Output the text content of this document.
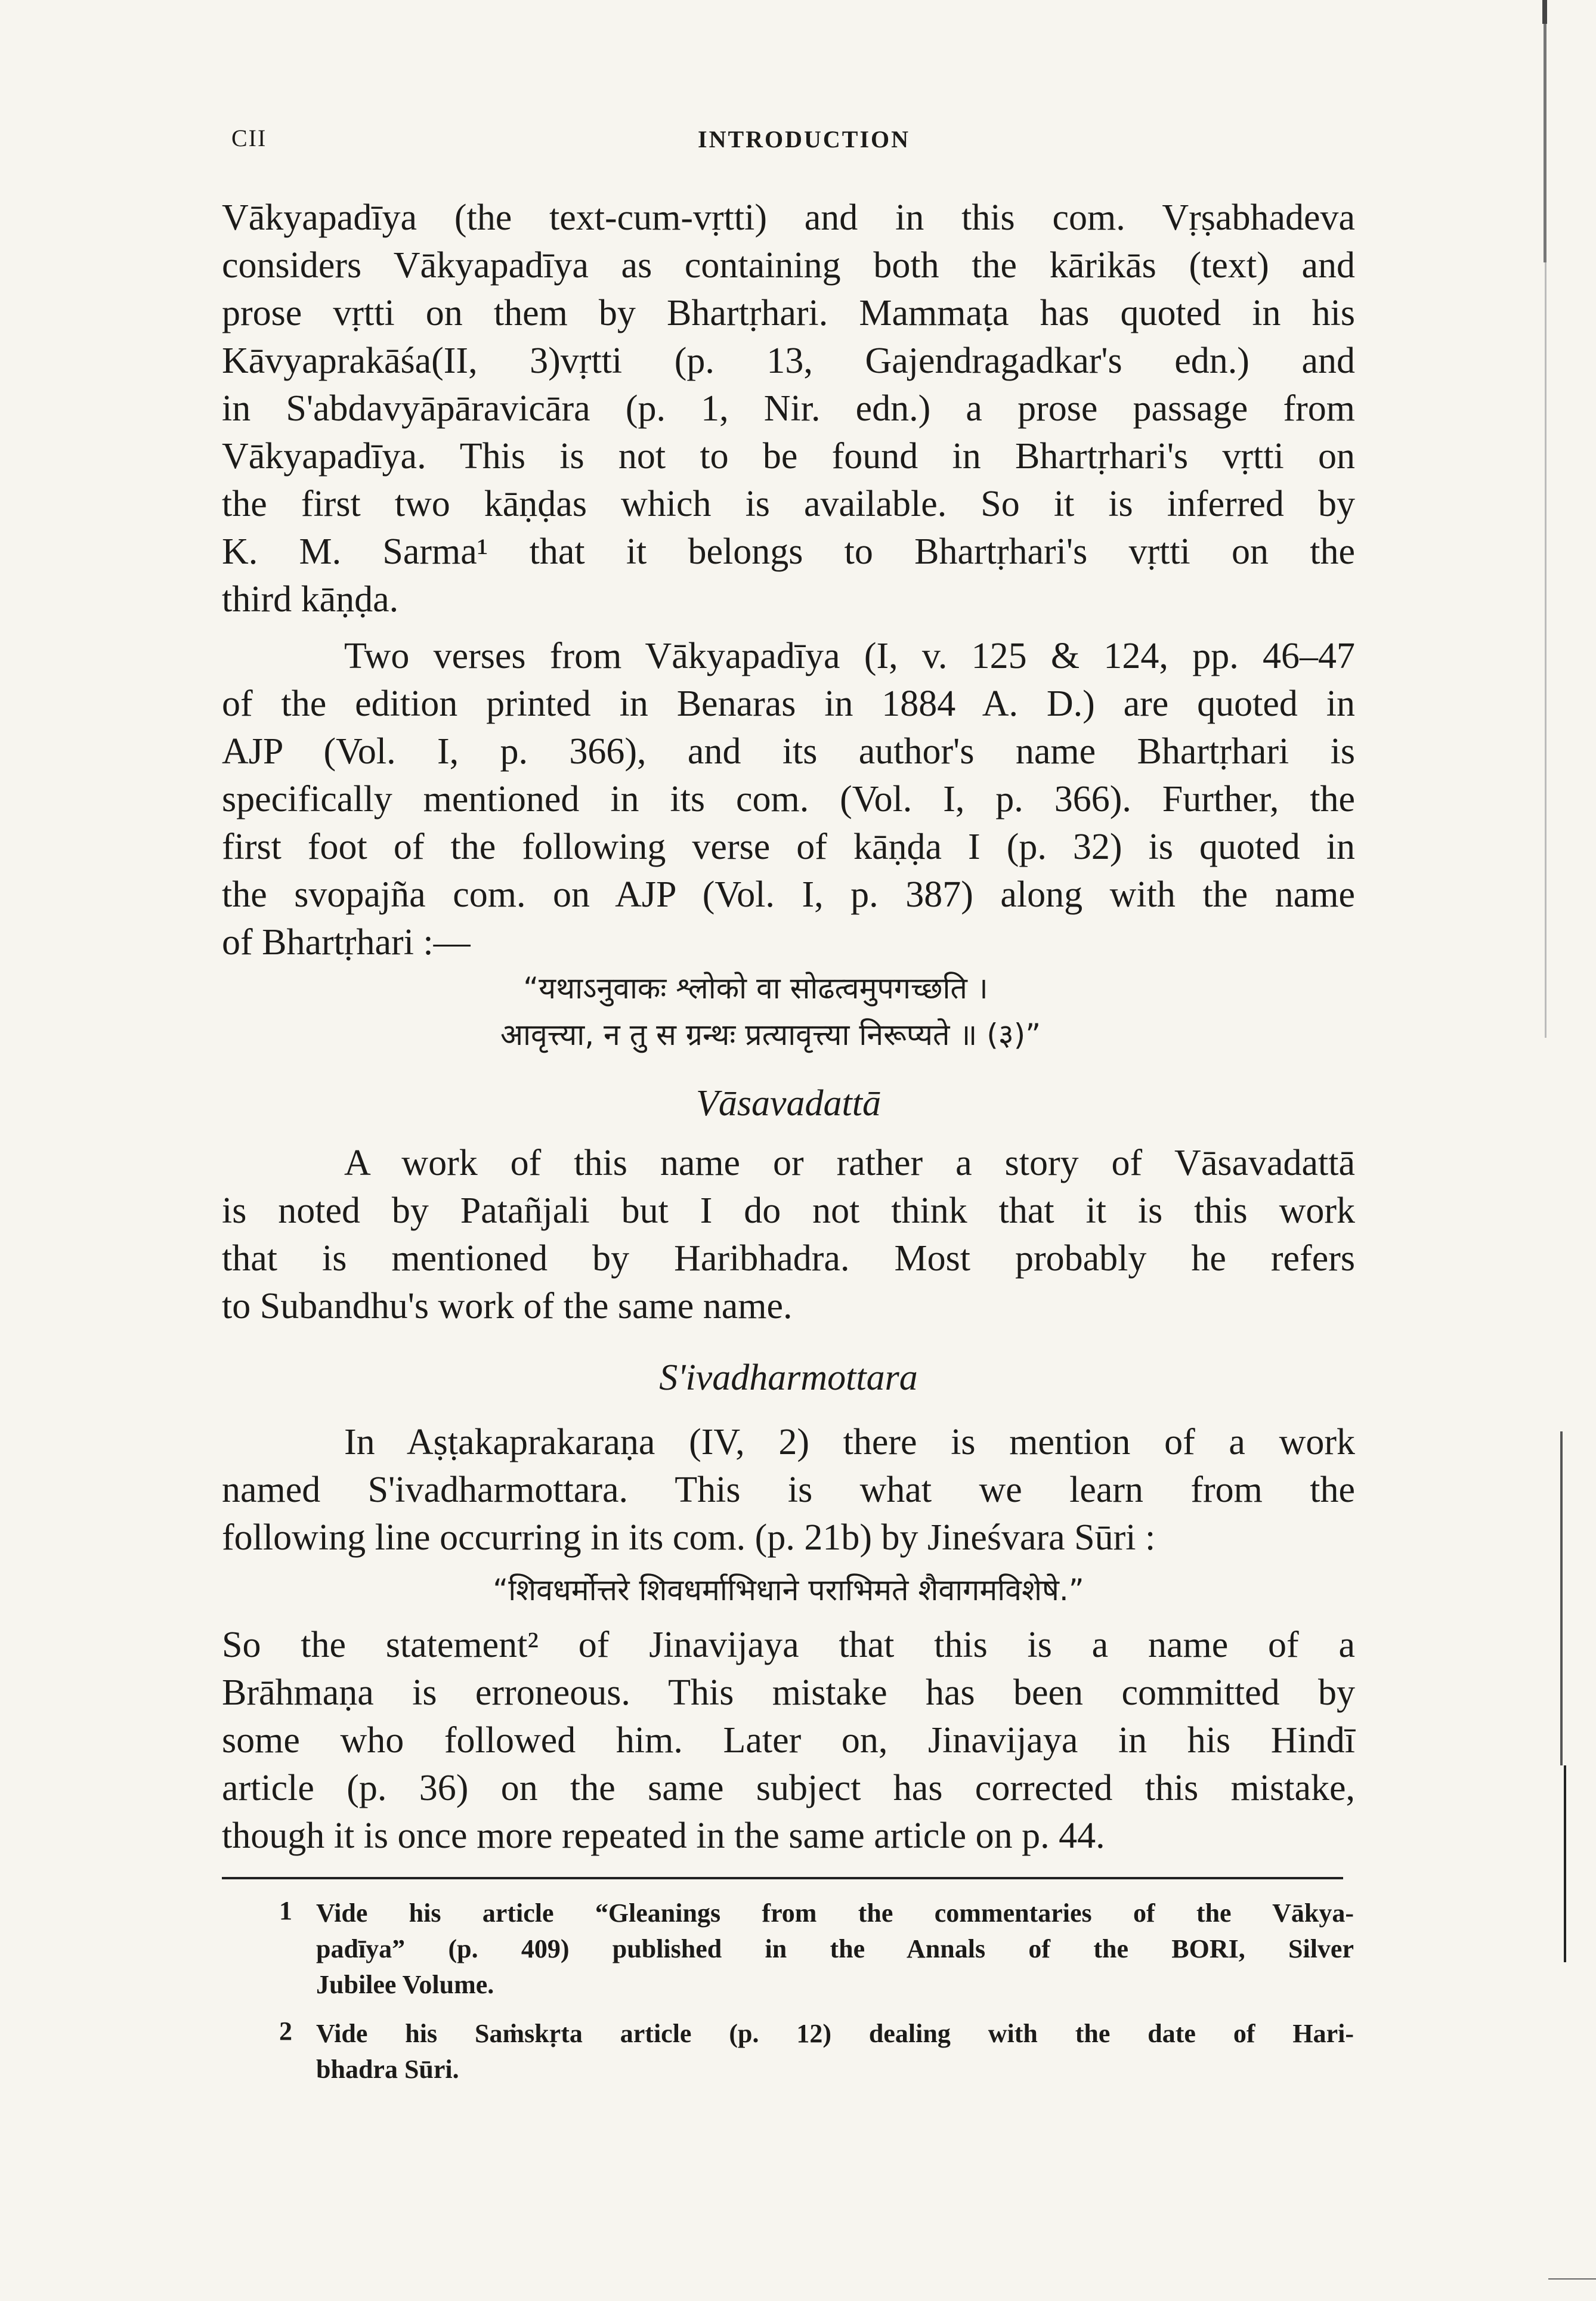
CII	INTRODUCTION
Vākyapadīya (the text-cum-vṛtti) and in this com. Vṛṣabhadeva
considers Vākyapadīya as containing both the kārikās (text) and
prose vṛtti on them by Bhartṛhari. Mammaṭa has quoted in his
Kāvyaprakāśa(II, 3)vṛtti (p. 13, Gajendragadkar's edn.) and
in S'abdavyāpāravicāra (p. 1, Nir. edn.) a prose passage from
Vākyapadīya. This is not to be found in Bhartṛhari's vṛtti on
the first two kāṇḍas which is available. So it is inferred by
K. M. Sarma¹ that it belongs to Bhartṛhari's vṛtti on the
third kāṇḍa.
Two verses from Vākyapadīya (I, v. 125 & 124, pp. 46–47
of the edition printed in Benaras in 1884 A. D.) are quoted in
AJP (Vol. I, p. 366), and its author's name Bhartṛhari is
specifically mentioned in its com. (Vol. I, p. 366). Further, the
first foot of the following verse of kāṇḍa I (p. 32) is quoted in
the svopajña com. on AJP (Vol. I, p. 387) along with the name
of Bhartṛhari :—
“यथाऽनुवाकः श्लोको वा सोढत्वमुपगच्छति ।
आवृत्त्या, न तु स ग्रन्थः प्रत्यावृत्त्या निरूप्यते ॥ (३)”
Vāsavadattā
A work of this name or rather a story of Vāsavadattā
is noted by Patañjali but I do not think that it is this work
that is mentioned by Haribhadra. Most probably he refers
to Subandhu's work of the same name.
S'ivadharmottara
In Aṣṭakaprakaraṇa (IV, 2) there is mention of a work
named S'ivadharmottara. This is what we learn from the
following line occurring in its com. (p. 21b) by Jineśvara Sūri :
“शिवधर्मोत्तरे शिवधर्माभिधाने पराभिमते शैवागमविशेषे.”
So the statement² of Jinavijaya that this is a name of a
Brāhmaṇa is erroneous. This mistake has been committed by
some who followed him. Later on, Jinavijaya in his Hindī
article (p. 36) on the same subject has corrected this mistake,
though it is once more repeated in the same article on p. 44.
1 Vide his article “Gleanings from the commentaries of the Vākya-
padīya” (p. 409) published in the Annals of the BORI, Silver
Jubilee Volume.
2 Vide his Saṁskṛta article (p. 12) dealing with the date of Hari-
bhadra Sūri.
